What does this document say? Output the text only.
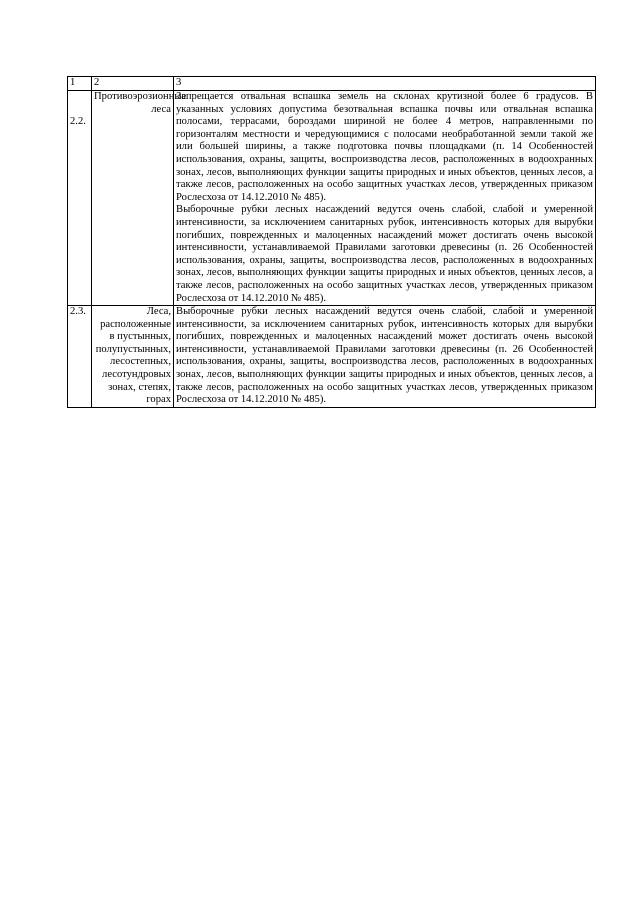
1	2	3

2.2.	Противоэрозионные леса	Запрещается отвальная вспашка земель на склонах крутизной более 6 градусов. В указанных условиях допустима безотвальная вспашка почвы или отвальная вспашка полосами, террасами, бороздами шириной не более 4 метров, направленными по горизонталям местности и чередующимися с полосами необработанной земли такой же или большей ширины, а также подготовка почвы площадками (п. 14 Особенностей использования, охраны, защиты, воспроизводства лесов, расположенных в водоохранных зонах, лесов, выполняющих функции защиты природных и иных объектов, ценных лесов, а также лесов, расположенных на особо защитных участках лесов, утвержденных приказом Рослесхоза от 14.12.2010 № 485).
Выборочные рубки лесных насаждений ведутся очень слабой, слабой и умеренной интенсивности, за исключением санитарных рубок, интенсивность которых для вырубки погибших, поврежденных и малоценных насаждений может достигать очень высокой интенсивности, устанавливаемой Правилами заготовки древесины (п. 26 Особенностей использования, охраны, защиты, воспроизводства лесов, расположенных в водоохранных зонах, лесов, выполняющих функции защиты природных и иных объектов, ценных лесов, а также лесов, расположенных на особо защитных участках лесов, утвержденных приказом Рослесхоза от 14.12.2010 № 485).

2.3.	Леса, расположенные в пустынных, полупустынных, лесостепных, лесотундровых зонах, степях, горах	Выборочные рубки лесных насаждений ведутся очень слабой, слабой и умеренной интенсивности, за исключением санитарных рубок, интенсивность которых для вырубки погибших, поврежденных и малоценных насаждений может достигать очень высокой интенсивности, устанавливаемой Правилами заготовки древесины (п. 26 Особенностей использования, охраны, защиты, воспроизводства лесов, расположенных в водоохранных зонах, лесов, выполняющих функции защиты природных и иных объектов, ценных лесов, а также лесов, расположенных на особо защитных участках лесов, утвержденных приказом Рослесхоза от 14.12.2010 № 485).
